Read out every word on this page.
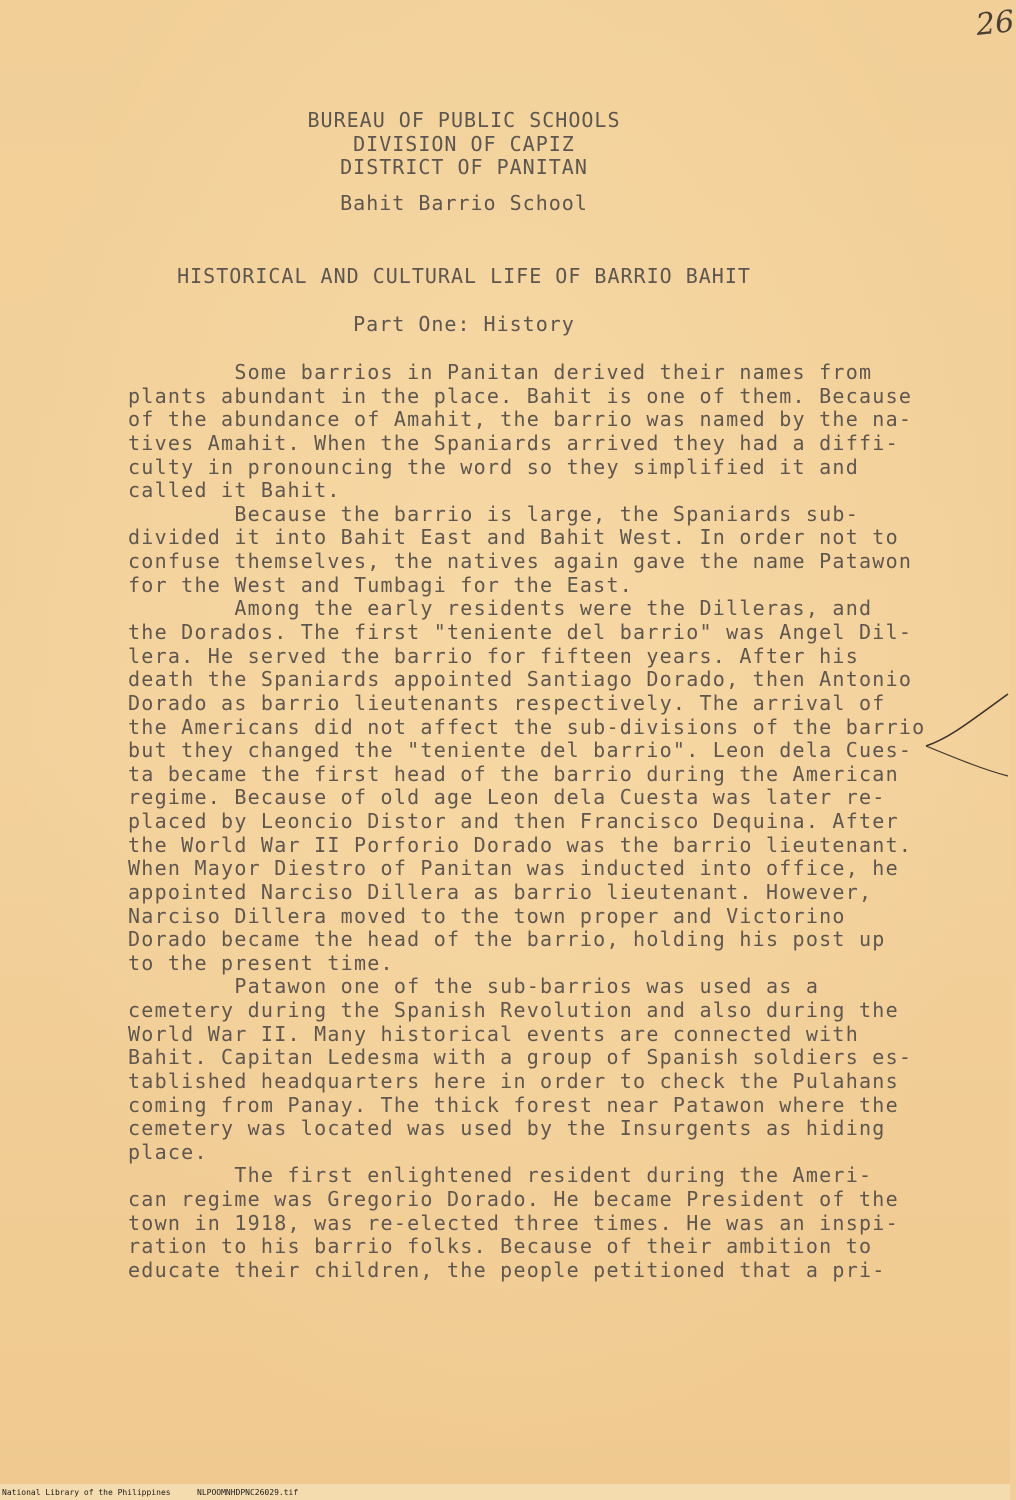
26
BUREAU OF PUBLIC SCHOOLS
DIVISION OF CAPIZ
DISTRICT OF PANITAN
Bahit Barrio School
HISTORICAL AND CULTURAL LIFE OF BARRIO BAHIT
Part One: History
Some barrios in Panitan derived their names from
plants abundant in the place. Bahit is one of them. Because
of the abundance of Amahit, the barrio was named by the na-
tives Amahit. When the Spaniards arrived they had a diffi-
culty in pronouncing the word so they simplified it and
called it Bahit.
Because the barrio is large, the Spaniards sub-
divided it into Bahit East and Bahit West. In order not to
confuse themselves, the natives again gave the name Patawon
for the West and Tumbagi for the East.
Among the early residents were the Dilleras, and
the Dorados. The first "teniente del barrio" was Angel Dil-
lera. He served the barrio for fifteen years. After his
death the Spaniards appointed Santiago Dorado, then Antonio
Dorado as barrio lieutenants respectively. The arrival of
the Americans did not affect the sub-divisions of the barrio
but they changed the "teniente del barrio". Leon dela Cues-
ta became the first head of the barrio during the American
regime. Because of old age Leon dela Cuesta was later re-
placed by Leoncio Distor and then Francisco Dequina. After
the World War II Porforio Dorado was the barrio lieutenant.
When Mayor Diestro of Panitan was inducted into office, he
appointed Narciso Dillera as barrio lieutenant. However,
Narciso Dillera moved to the town proper and Victorino
Dorado became the head of the barrio, holding his post up
to the present time.
Patawon one of the sub-barrios was used as a
cemetery during the Spanish Revolution and also during the
World War II. Many historical events are connected with
Bahit. Capitan Ledesma with a group of Spanish soldiers es-
tablished headquarters here in order to check the Pulahans
coming from Panay. The thick forest near Patawon where the
cemetery was located was used by the Insurgents as hiding
place.
The first enlightened resident during the Ameri-
can regime was Gregorio Dorado. He became President of the
town in 1918, was re-elected three times. He was an inspi-
ration to his barrio folks. Because of their ambition to
educate their children, the people petitioned that a pri-
National Library of the Philippines	NLPOOMNHDPNC26029.tif
